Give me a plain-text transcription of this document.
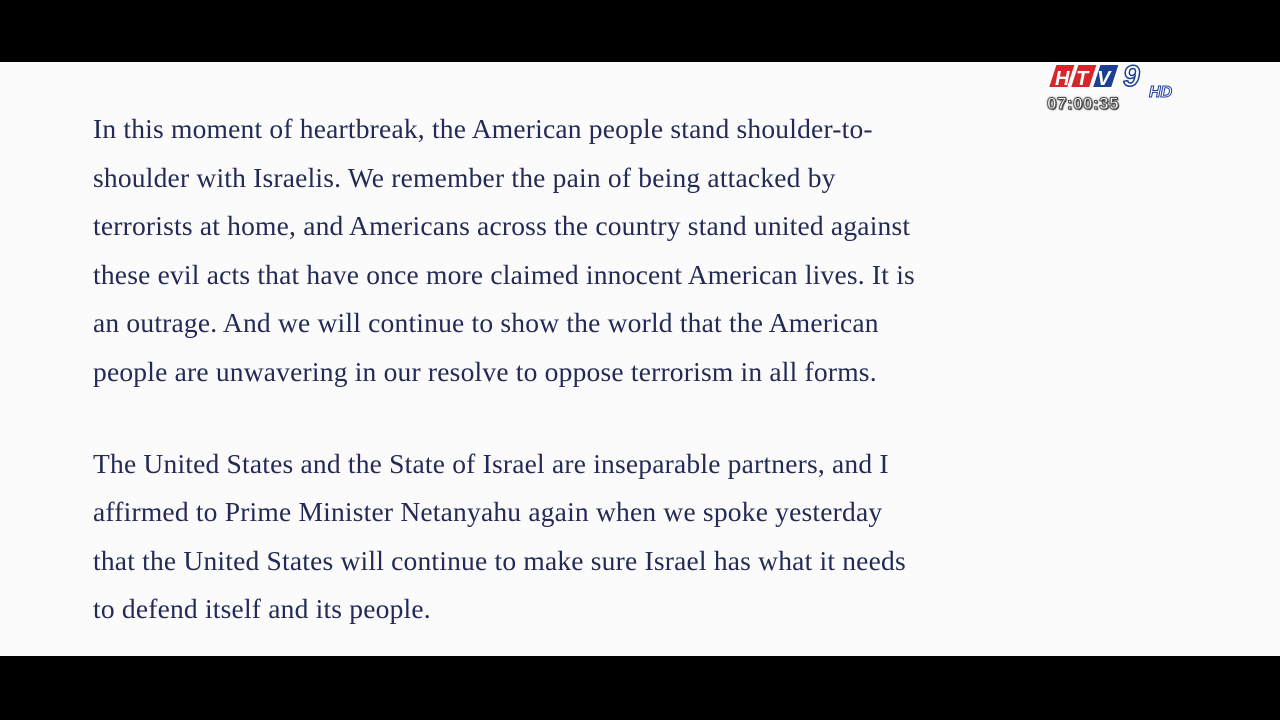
In this moment of heartbreak, the American people stand shoulder-to-
shoulder with Israelis. We remember the pain of being attacked by
terrorists at home, and Americans across the country stand united against
these evil acts that have once more claimed innocent American lives. It is
an outrage. And we will continue to show the world that the American
people are unwavering in our resolve to oppose terrorism in all forms.

The United States and the State of Israel are inseparable partners, and I
affirmed to Prime Minister Netanyahu again when we spoke yesterday
that the United States will continue to make sure Israel has what it needs
to defend itself and its people.

H T V 9 HD
07:00:35
